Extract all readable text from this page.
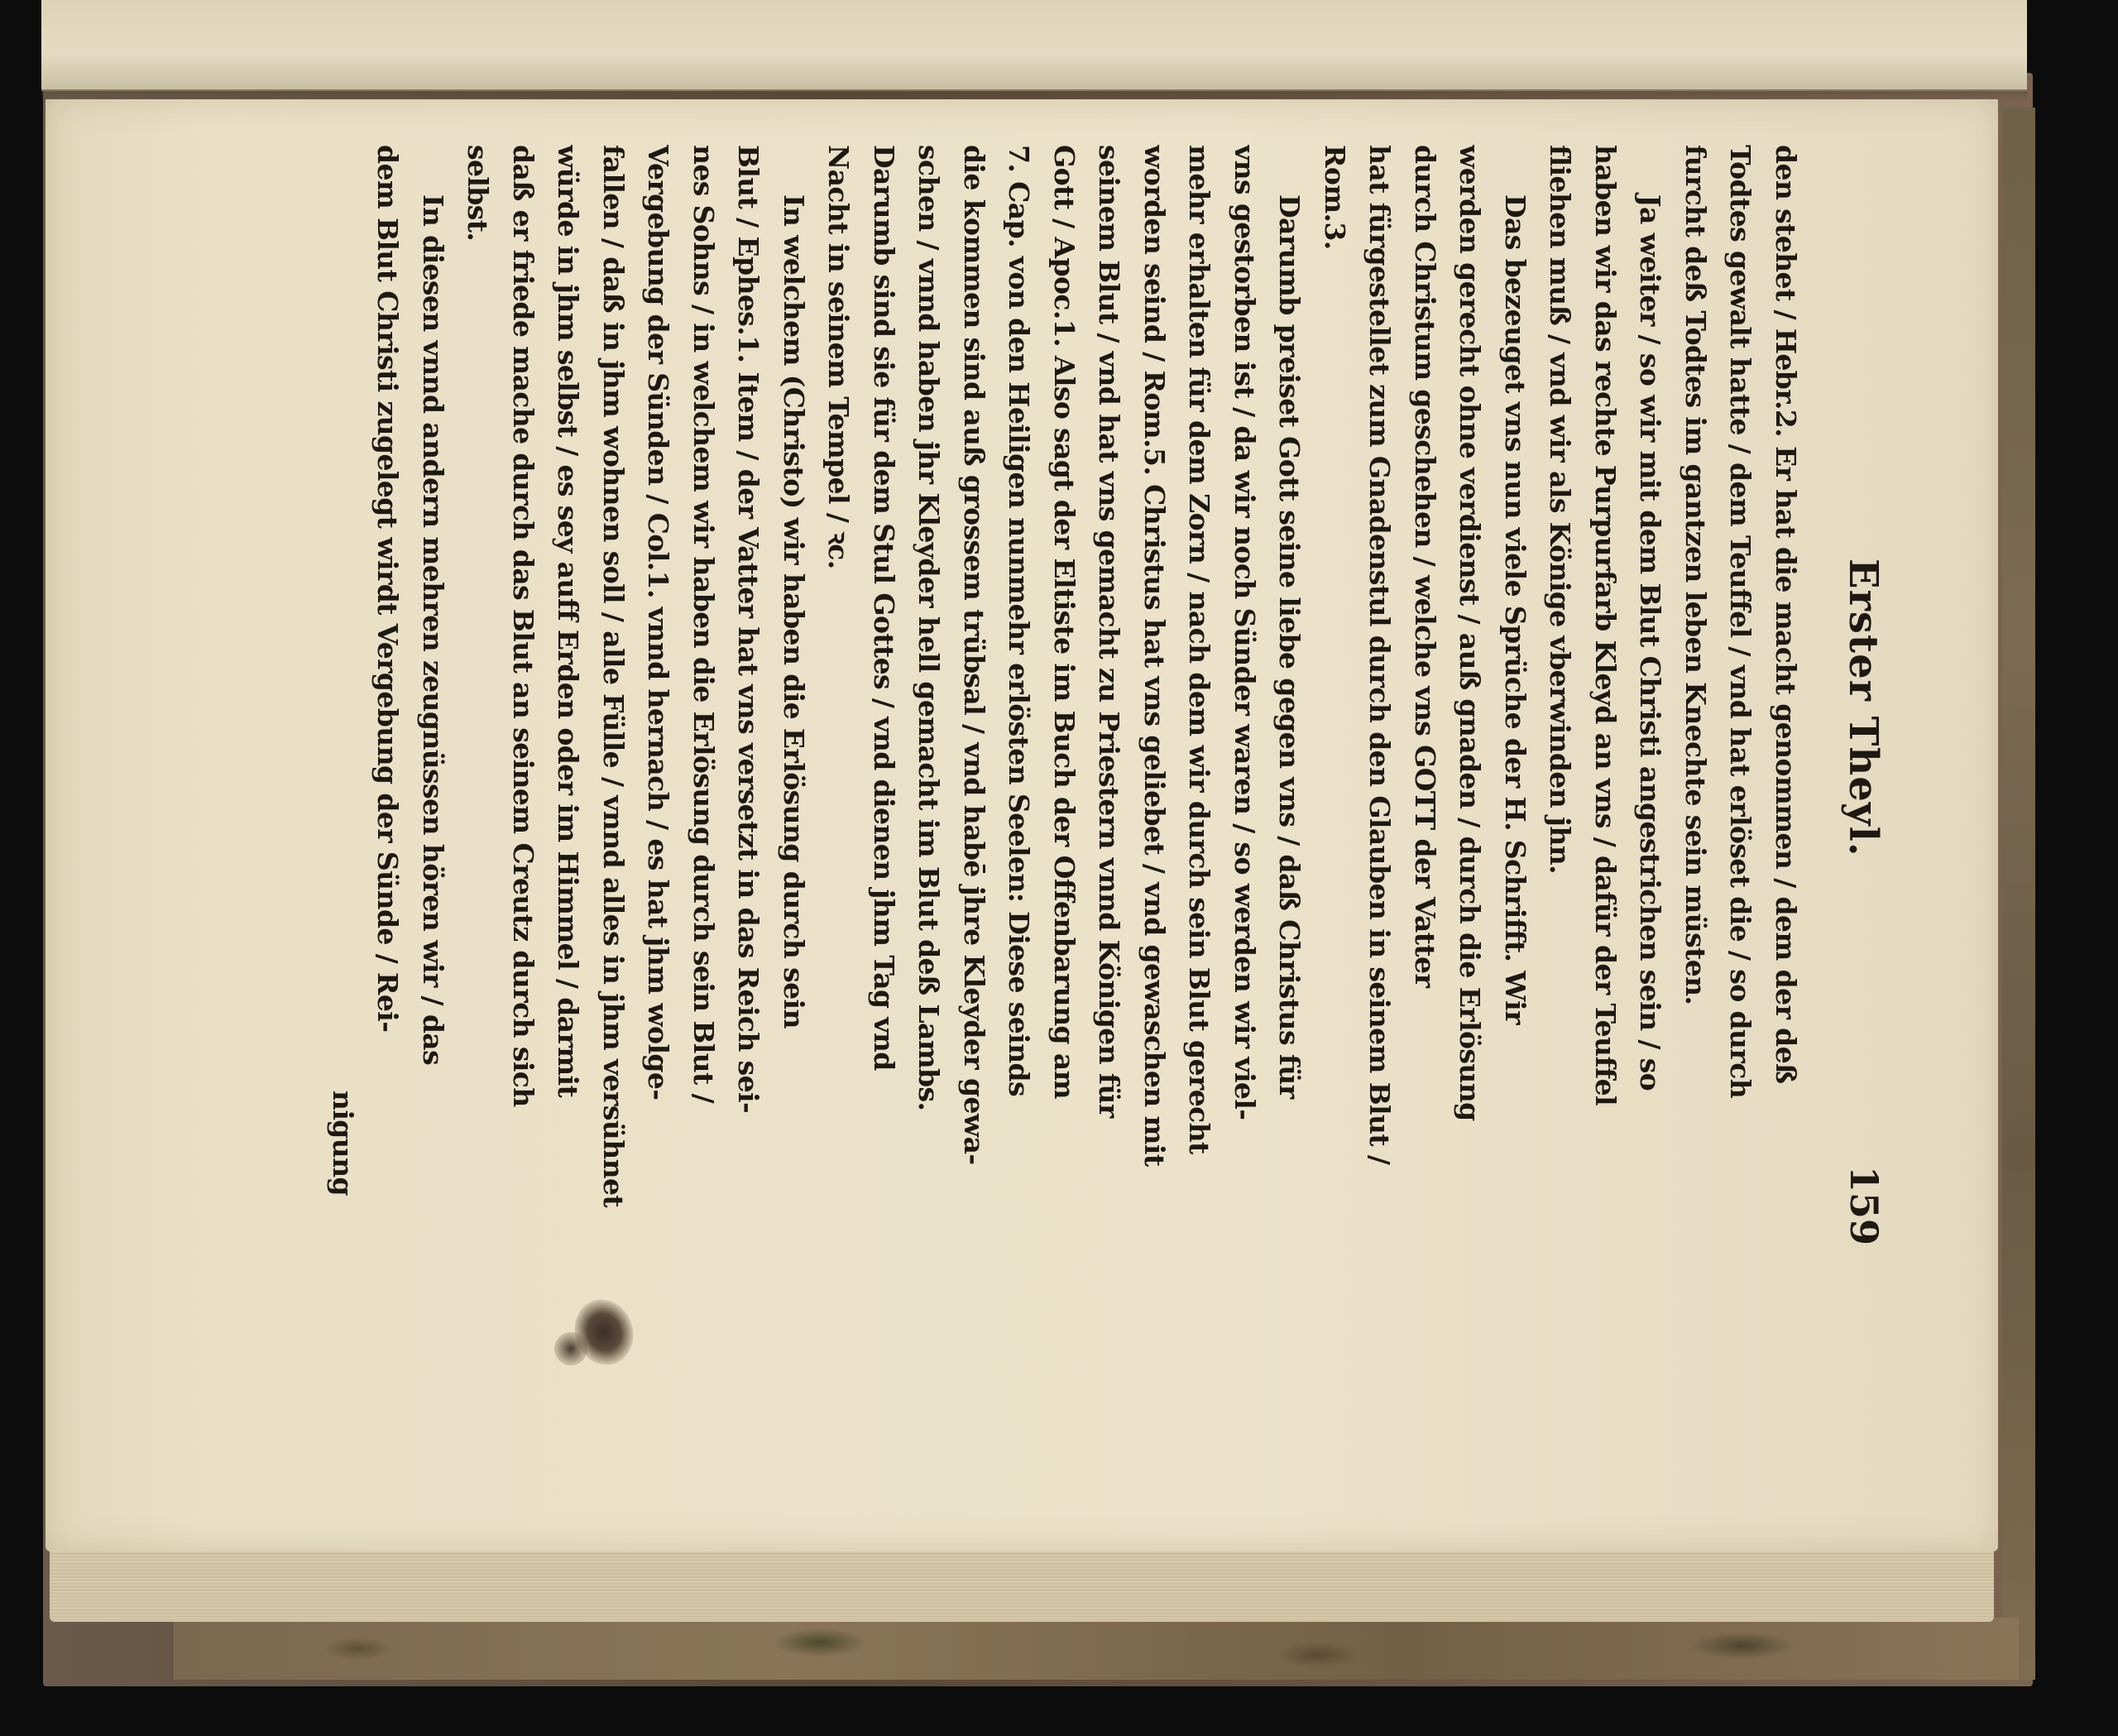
Erster Theyl.
159
den stehet / Hebr.2. Er hat die macht genommen / dem der deß
Todtes gewalt hatte / dem Teuffel / vnd hat erlöset die / so durch
furcht deß Todtes im gantzen leben Knechte sein müsten.
Ja weiter / so wir mit dem Blut Christi angestrichen sein / so
haben wir das rechte Purpurfarb Kleyd an vns / dafür der Teuffel
fliehen muß / vnd wir als Könige vberwinden jhn.
Das bezeuget vns nun viele Sprüche der H. Schrifft. Wir
werden gerecht ohne verdienst / auß gnaden / durch die Erlösung
durch Christum geschehen / welche vns GOTT der Vatter
hat fürgestellet zum Gnadenstul durch den Glauben in seinem Blut /
Rom.3.
Darumb preiset Gott seine liebe gegen vns / daß Christus für
vns gestorben ist / da wir noch Sünder waren / so werden wir viel-
mehr erhalten für dem Zorn / nach dem wir durch sein Blut gerecht
worden seind / Rom.5. Christus hat vns geliebet / vnd gewaschen mit
seinem Blut / vnd hat vns gemacht zu Priestern vnnd Königen für
Gott / Apoc.1. Also sagt der Eltiste im Buch der Offenbarung am
7. Cap. von den Heiligen nunmehr erlösten Seelen: Diese seinds
die kommen sind auß grossem trübsal / vnd habē jhre Kleyder gewa-
schen / vnnd haben jhr Kleyder hell gemacht im Blut deß Lambs.
Darumb sind sie für dem Stul Gottes / vnd dienen jhm Tag vnd
Nacht in seinem Tempel / ꝛc.
In welchem (Christo) wir haben die Erlösung durch sein
Blut / Ephes.1. Item / der Vatter hat vns versetzt in das Reich sei-
nes Sohns / in welchem wir haben die Erlösung durch sein Blut /
Vergebung der Sünden / Col.1. vnnd hernach / es hat jhm wolge-
fallen / daß in jhm wohnen soll / alle Fülle / vnnd alles in jhm versühnet
würde in jhm selbst / es sey auff Erden oder im Himmel / darmit
daß er friede mache durch das Blut an seinem Creutz durch sich
selbst.
In diesen vnnd andern mehren zeugnüssen hören wir / das
dem Blut Christi zugelegt wirdt Vergebung der Sünde / Rei-
nigung
